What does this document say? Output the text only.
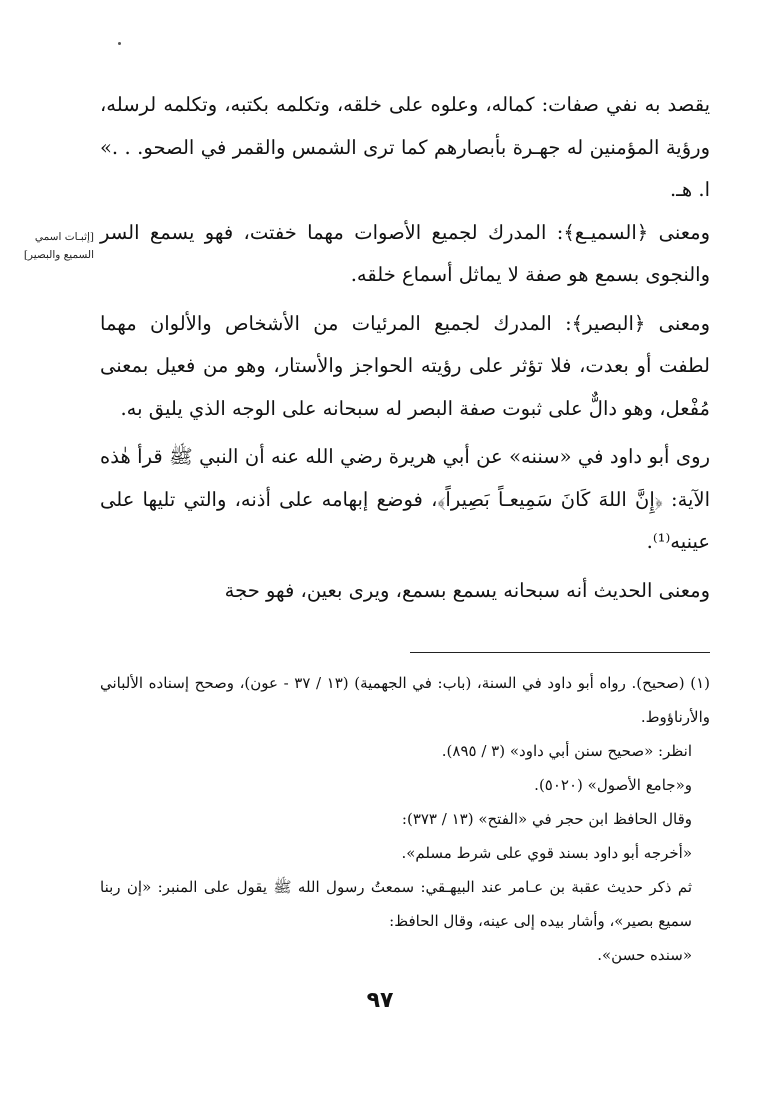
يقصد به نفي صفات: كماله، وعلوه على خلقه، وتكلمه بكتبه، وتكلمه لرسله، ورؤية المؤمنين له جهـرة بأبصارهم كما ترى الشمس والقمر في الصحو. . .» ا. هـ.

ومعنى ﴿السميـع﴾: المدرك لجميع الأصوات مهما خفتت، فهو يسمع السر والنجوى بسمع هو صفة لا يماثل أسماع خلقه.

ومعنى ﴿البصير﴾: المدرك لجميع المرئيات من الأشخاص والألوان مهما لطفت أو بعدت، فلا تؤثر على رؤيته الحواجز والأستار، وهو من فعيل بمعنى مُفْعل، وهو دالٌّ على ثبوت صفة البصر له سبحانه على الوجه الذي يليق به.

روى أبو داود في «سننه» عن أبي هريرة رضي الله عنه أن النبي ﷺ قرأ هٰذه الآية: ﴿إِنَّ اللهَ كَانَ سَمِيعـاً بَصِيراً﴾، فوضع إبهامه على أذنه، والتي تليها على عينيه⁽¹⁾.

ومعنى الحديث أنه سبحانه يسمع بسمع، ويرى بعين، فهو حجة

[إثبـات اسمي السميع والبصير]

(١) (صحيح). رواه أبو داود في السنة، (باب: في الجهمية) (١٣ / ٣٧ - عون)، وصحح إسناده الألباني والأرناؤوط.

انظر: «صحيح سنن أبي داود» (٣ / ٨٩٥).

و«جامع الأصول» (٥٠٢٠).

وقال الحافظ ابن حجر في «الفتح» (١٣ / ٣٧٣):

«أخرجه أبو داود بسند قوي على شرط مسلم».

ثم ذكر حديث عقبة بن عـامر عند البيهـقي: سمعتُ رسول الله ﷺ يقول على المنبر: «إن ربنا سميع بصير»، وأشار بيده إلى عينه، وقال الحافظ:

«سنده حسن».

٩٧
